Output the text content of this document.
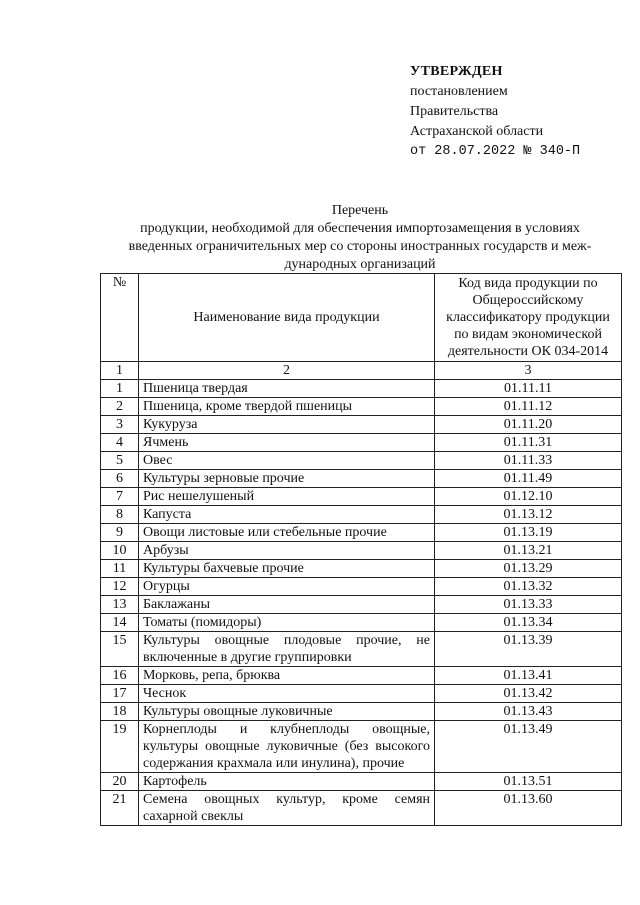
УТВЕРЖДЕН
постановлением
Правительства
Астраханской области
от 28.07.2022 № 340-П
Перечень
продукции, необходимой для обеспечения импортозамещения в условиях
введенных ограничительных мер со стороны иностранных государств и меж-
дународных организаций
№	Наименование вида продукции	Код вида продукции по Общероссийскому классификатору продукции по видам экономической деятельности ОК 034-2014
1	2	3
1	Пшеница твердая	01.11.11
2	Пшеница, кроме твердой пшеницы	01.11.12
3	Кукуруза	01.11.20
4	Ячмень	01.11.31
5	Овес	01.11.33
6	Культуры зерновые прочие	01.11.49
7	Рис нешелушеный	01.12.10
8	Капуста	01.13.12
9	Овощи листовые или стебельные прочие	01.13.19
10	Арбузы	01.13.21
11	Культуры бахчевые прочие	01.13.29
12	Огурцы	01.13.32
13	Баклажаны	01.13.33
14	Томаты (помидоры)	01.13.34
15	Культуры овощные плодовые прочие, не включенные в другие группировки	01.13.39
16	Морковь, репа, брюква	01.13.41
17	Чеснок	01.13.42
18	Культуры овощные луковичные	01.13.43
19	Корнеплоды и клубнеплоды овощные, культуры овощные луковичные (без высокого содержания крахмала или инулина), прочие	01.13.49
20	Картофель	01.13.51
21	Семена овощных культур, кроме семян сахарной свеклы	01.13.60
